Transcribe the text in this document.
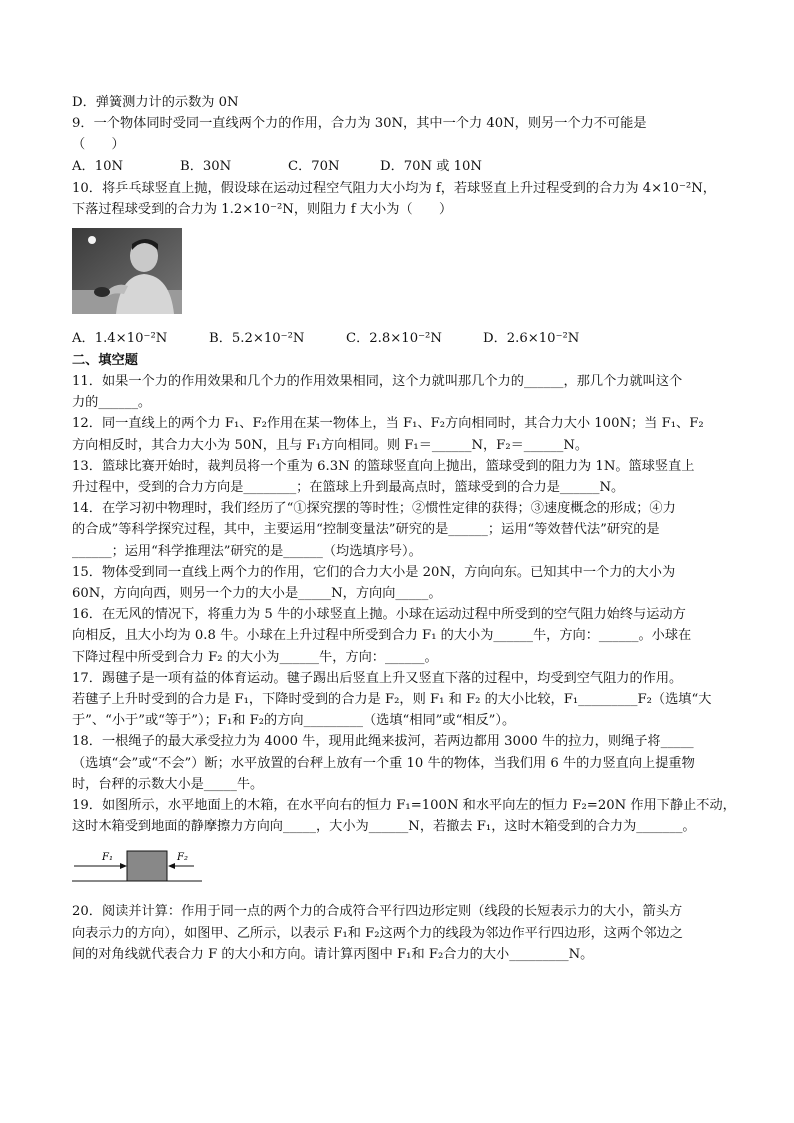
D．弹簧测力计的示数为 0N
9．一个物体同时受同一直线两个力的作用，合力为 30N，其中一个力 40N，则另一个力不可能是
（　　）
A．10N	B．30N	C．70N	D．70N 或 10N
10．将乒乓球竖直上抛，假设球在运动过程空气阻力大小均为 f，若球竖直上升过程受到的合力为 4×10⁻²N，
下落过程球受到的合力为 1.2×10⁻²N，则阻力 f 大小为（　　）
A．1.4×10⁻²N	B．5.2×10⁻²N	C．2.8×10⁻²N	D．2.6×10⁻²N
二、填空题
11．如果一个力的作用效果和几个力的作用效果相同，这个力就叫那几个力的______，那几个力就叫这个
力的______。
12．同一直线上的两个力 F₁、F₂作用在某一物体上，当 F₁、F₂方向相同时，其合力大小 100N；当 F₁、F₂
方向相反时，其合力大小为 50N，且与 F₁方向相同。则 F₁＝______N，F₂＝______N。
13．篮球比赛开始时，裁判员将一个重为 6.3N 的篮球竖直向上抛出，篮球受到的阻力为 1N。篮球竖直上
升过程中，受到的合力方向是________；在篮球上升到最高点时，篮球受到的合力是______N。
14．在学习初中物理时，我们经历了“①探究摆的等时性；②惯性定律的获得；③速度概念的形成；④力
的合成”等科学探究过程，其中，主要运用“控制变量法”研究的是______；运用“等效替代法”研究的是
______；运用“科学推理法”研究的是______（均选填序号）。
15．物体受到同一直线上两个力的作用，它们的合力大小是 20N，方向向东。已知其中一个力的大小为
60N，方向向西，则另一个力的大小是_____N，方向向_____。
16．在无风的情况下，将重力为 5 牛的小球竖直上抛。小球在运动过程中所受到的空气阻力始终与运动方
向相反，且大小均为 0.8 牛。小球在上升过程中所受到合力 F₁ 的大小为______牛，方向：______。小球在
下降过程中所受到合力 F₂ 的大小为______牛，方向：______。
17．踢毽子是一项有益的体育运动。毽子踢出后竖直上升又竖直下落的过程中，均受到空气阻力的作用。
若毽子上升时受到的合力是 F₁，下降时受到的合力是 F₂，则 F₁ 和 F₂ 的大小比较，F₁_________F₂（选填“大
于”、“小于”或“等于”）；F₁和 F₂的方向_________（选填“相同”或“相反”）。
18．一根绳子的最大承受拉力为 4000 牛，现用此绳来拔河，若两边都用 3000 牛的拉力，则绳子将_____
（选填“会”或“不会”）断；水平放置的台秤上放有一个重 10 牛的物体，当我们用 6 牛的力竖直向上提重物
时，台秤的示数大小是_____牛。
19．如图所示，水平地面上的木箱，在水平向右的恒力 F₁=100N 和水平向左的恒力 F₂=20N 作用下静止不动，
这时木箱受到地面的静摩擦力方向向_____，大小为______N，若撤去 F₁，这时木箱受到的合力为_______。
F₁	F₂
20．阅读并计算：作用于同一点的两个力的合成符合平行四边形定则（线段的长短表示力的大小，箭头方
向表示力的方向），如图甲、乙所示，以表示 F₁和 F₂这两个力的线段为邻边作平行四边形，这两个邻边之
间的对角线就代表合力 F 的大小和方向。请计算丙图中 F₁和 F₂合力的大小_________N。
